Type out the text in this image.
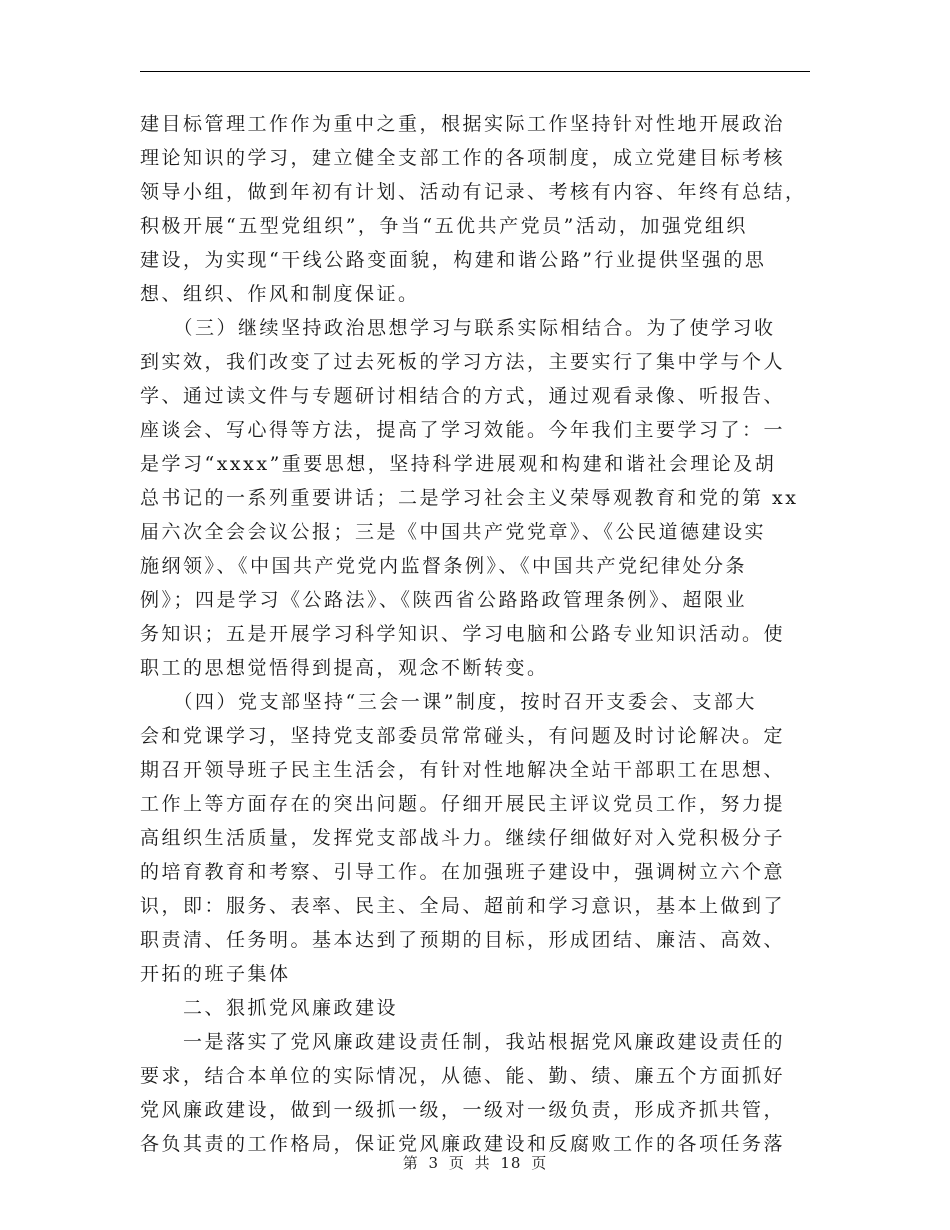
建目标管理工作作为重中之重，根据实际工作坚持针对性地开展政治
理论知识的学习，建立健全支部工作的各项制度，成立党建目标考核
领导小组，做到年初有计划、活动有记录、考核有内容、年终有总结，
积极开展“五型党组织”，争当“五优共产党员”活动，加强党组织
建设，为实现“干线公路变面貌，构建和谐公路”行业提供坚强的思
想、组织、作风和制度保证。
　　（三）继续坚持政治思想学习与联系实际相结合。为了使学习收
到实效，我们改变了过去死板的学习方法，主要实行了集中学与个人
学、通过读文件与专题研讨相结合的方式，通过观看录像、听报告、
座谈会、写心得等方法，提高了学习效能。今年我们主要学习了：一
是学习“xxxx”重要思想，坚持科学进展观和构建和谐社会理论及胡
总书记的一系列重要讲话；二是学习社会主义荣辱观教育和党的第 xx
届六次全会会议公报；三是《中国共产党党章》、《公民道德建设实
施纲领》、《中国共产党党内监督条例》、《中国共产党纪律处分条
例》；四是学习《公路法》、《陕西省公路路政管理条例》、超限业
务知识；五是开展学习科学知识、学习电脑和公路专业知识活动。使
职工的思想觉悟得到提高，观念不断转变。
　　（四）党支部坚持“三会一课”制度，按时召开支委会、支部大
会和党课学习，坚持党支部委员常常碰头，有问题及时讨论解决。定
期召开领导班子民主生活会，有针对性地解决全站干部职工在思想、
工作上等方面存在的突出问题。仔细开展民主评议党员工作，努力提
高组织生活质量，发挥党支部战斗力。继续仔细做好对入党积极分子
的培育教育和考察、引导工作。在加强班子建设中，强调树立六个意
识，即：服务、表率、民主、全局、超前和学习意识，基本上做到了
职责清、任务明。基本达到了预期的目标，形成团结、廉洁、高效、
开拓的班子集体
　　二、狠抓党风廉政建设
　　一是落实了党风廉政建设责任制，我站根据党风廉政建设责任的
要求，结合本单位的实际情况，从德、能、勤、绩、廉五个方面抓好
党风廉政建设，做到一级抓一级，一级对一级负责，形成齐抓共管，
各负其责的工作格局，保证党风廉政建设和反腐败工作的各项任务落
第 3 页 共 18 页
